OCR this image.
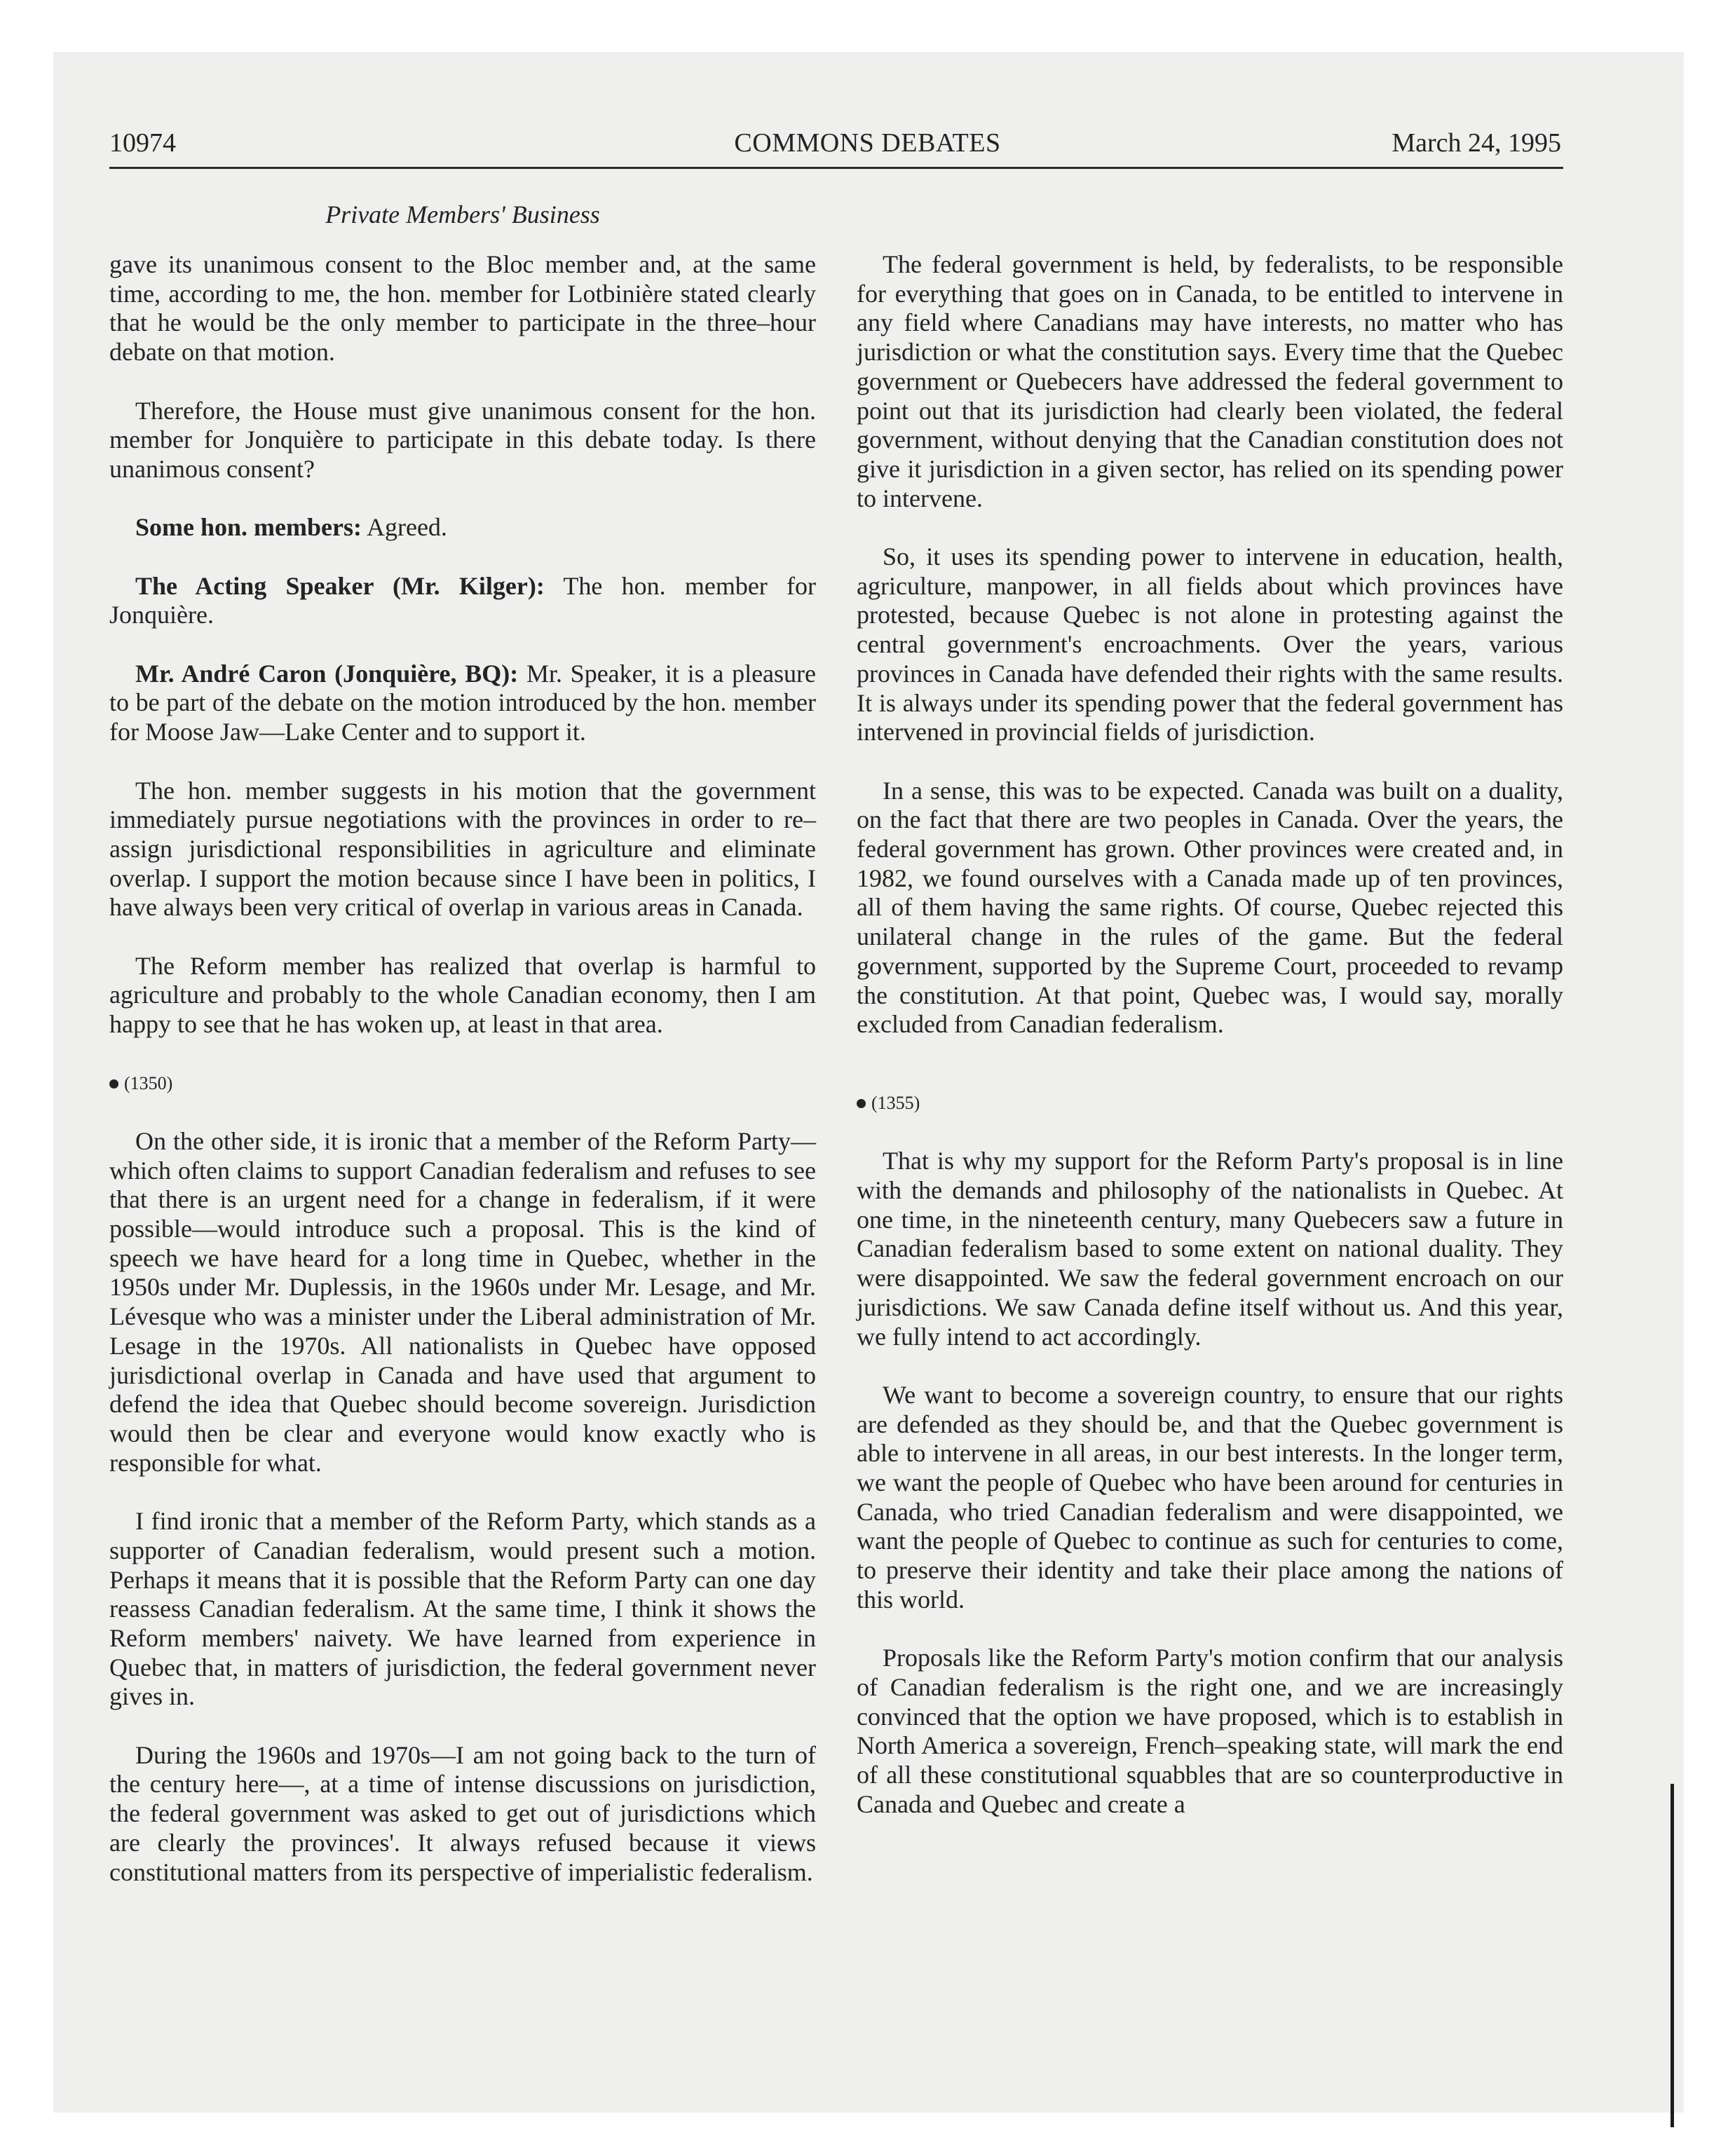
10974	COMMONS DEBATES	March 24, 1995
Private Members' Business

gave its unanimous consent to the Bloc member and, at the same time, according to me, the hon. member for Lotbinière stated clearly that he would be the only member to participate in the three–hour debate on that motion.

Therefore, the House must give unanimous consent for the hon. member for Jonquière to participate in this debate today. Is there unanimous consent?

Some hon. members: Agreed.

The Acting Speaker (Mr. Kilger): The hon. member for Jonquière.

Mr. André Caron (Jonquière, BQ): Mr. Speaker, it is a pleasure to be part of the debate on the motion introduced by the hon. member for Moose Jaw—Lake Center and to support it.

The hon. member suggests in his motion that the government immediately pursue negotiations with the provinces in order to re–assign jurisdictional responsibilities in agriculture and eliminate overlap. I support the motion because since I have been in politics, I have always been very critical of overlap in various areas in Canada.

The Reform member has realized that overlap is harmful to agriculture and probably to the whole Canadian economy, then I am happy to see that he has woken up, at least in that area.

(1350)

On the other side, it is ironic that a member of the Reform Party—which often claims to support Canadian federalism and refuses to see that there is an urgent need for a change in federalism, if it were possible—would introduce such a proposal. This is the kind of speech we have heard for a long time in Quebec, whether in the 1950s under Mr. Duplessis, in the 1960s under Mr. Lesage, and Mr. Lévesque who was a minister under the Liberal administration of Mr. Lesage in the 1970s. All nationalists in Quebec have opposed jurisdictional overlap in Canada and have used that argument to defend the idea that Quebec should become sovereign. Jurisdiction would then be clear and everyone would know exactly who is responsible for what.

I find ironic that a member of the Reform Party, which stands as a supporter of Canadian federalism, would present such a motion. Perhaps it means that it is possible that the Reform Party can one day reassess Canadian federalism. At the same time, I think it shows the Reform members' naivety. We have learned from experience in Quebec that, in matters of jurisdiction, the federal government never gives in.

During the 1960s and 1970s—I am not going back to the turn of the century here—, at a time of intense discussions on jurisdiction, the federal government was asked to get out of jurisdictions which are clearly the provinces'. It always refused because it views constitutional matters from its perspective of imperialistic federalism.

The federal government is held, by federalists, to be responsible for everything that goes on in Canada, to be entitled to intervene in any field where Canadians may have interests, no matter who has jurisdiction or what the constitution says. Every time that the Quebec government or Quebecers have addressed the federal government to point out that its jurisdiction had clearly been violated, the federal government, without denying that the Canadian constitution does not give it jurisdiction in a given sector, has relied on its spending power to intervene.

So, it uses its spending power to intervene in education, health, agriculture, manpower, in all fields about which provinces have protested, because Quebec is not alone in protesting against the central government's encroachments. Over the years, various provinces in Canada have defended their rights with the same results. It is always under its spending power that the federal government has intervened in provincial fields of jurisdiction.

In a sense, this was to be expected. Canada was built on a duality, on the fact that there are two peoples in Canada. Over the years, the federal government has grown. Other provinces were created and, in 1982, we found ourselves with a Canada made up of ten provinces, all of them having the same rights. Of course, Quebec rejected this unilateral change in the rules of the game. But the federal government, supported by the Supreme Court, proceeded to revamp the constitution. At that point, Quebec was, I would say, morally excluded from Canadian federalism.

(1355)

That is why my support for the Reform Party's proposal is in line with the demands and philosophy of the nationalists in Quebec. At one time, in the nineteenth century, many Quebecers saw a future in Canadian federalism based to some extent on national duality. They were disappointed. We saw the federal government encroach on our jurisdictions. We saw Canada define itself without us. And this year, we fully intend to act accordingly.

We want to become a sovereign country, to ensure that our rights are defended as they should be, and that the Quebec government is able to intervene in all areas, in our best interests. In the longer term, we want the people of Quebec who have been around for centuries in Canada, who tried Canadian federalism and were disappointed, we want the people of Quebec to continue as such for centuries to come, to preserve their identity and take their place among the nations of this world.

Proposals like the Reform Party's motion confirm that our analysis of Canadian federalism is the right one, and we are increasingly convinced that the option we have proposed, which is to establish in North America a sovereign, French–speaking state, will mark the end of all these constitutional squabbles that are so counterproductive in Canada and Quebec and create a
